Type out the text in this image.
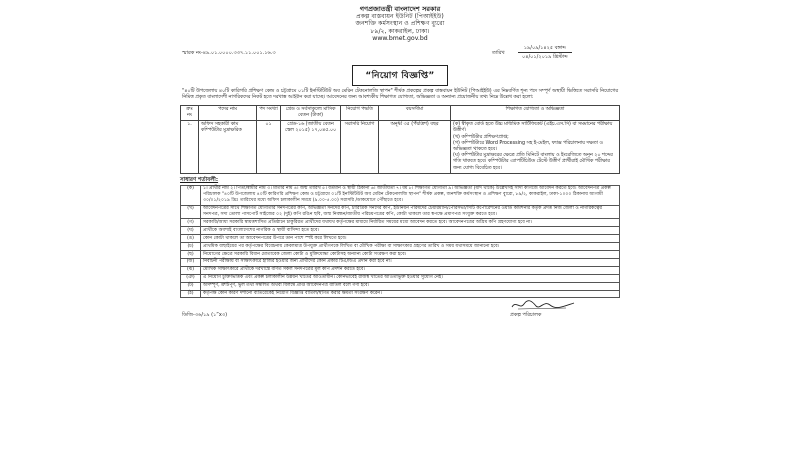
গণপ্রজাতন্ত্রী বাংলাদেশ সরকার
প্রকল্প বাস্তবায়ন ইউনিট (পিআইইউ)
জনশক্তি কর্মসংস্থান ও প্রশিক্ষণ ব্যুরো
৮৯/২, কাকরাইল, ঢাকা।
www.bmet.gov.bd
স্মারক নং-৪৯.০১.০০০০.৩৩৭.১১.০০১.১৬.৩	তারিখ
১৯/০৯/১৪২৫ বঙ্গাব্দ
০৪/০১/২০১৯ খ্রিস্টাব্দ
“নিয়োগ বিজ্ঞপ্তি”

"৪০টি উপজেলায় ৪০টি কারিগরি প্রশিক্ষণ কেন্দ্র ও চট্টগ্রামে ০১টি ইনস্টিটিউট অব মেরিন টেকনোলজি স্থাপন" শীর্ষক প্রকল্পের প্রকল্প বাস্তবায়ন ইউনিট (পিআইইউ) এর নিম্নবর্ণিত শূন্য পদে সম্পূর্ণ অস্থায়ী ভিত্তিতে সরাসরি নিয়োগের নিমিত্ত প্রকৃত বাংলাদেশী নাগরিকদের নিকট হতে দরখাস্ত আহ্বান করা যাচ্ছে। আবেদনের জন্য আবশ্যকীয় শিক্ষাগত যোগ্যতা, অভিজ্ঞতা ও অন্যান্য প্রয়োজনীয় তথ্য নিম্নে উল্লেখ করা হলো:

ক্রঃ নং	পদের নাম	পদ সংখ্যা	গ্রেড ও সর্বসাকুল্যে মাসিক বেতন (টাকা)	নিয়োগ পদ্ধতি	বয়সসীমা	শিক্ষাগত যোগ্যতা ও অভিজ্ঞতা
১.	অফিস সহকারী কাম কম্পিউটার মুদ্রাক্ষরিক	০১	গ্রেড-১৬ (জাতীয় বেতন স্কেল ২০১৫) ১৭,০৪৫.০০	সরাসরি নিয়োগ	অনূর্ধ্ব ৩৫ (পঁয়ত্রিশ) বছর	(ক) স্বীকৃত বোর্ড হতে উচ্চ মাধ্যমিক সার্টিফিকেট (এইচ.এস.সি) বা সমমানের পরীক্ষায় উত্তীর্ণ।
(খ) কম্পিউটার প্রশিক্ষণপ্রাপ্ত;
(গ) কম্পিউটারে Word Processing সহ ই-মেইল, ফ্যাক্স পরিচালনায় দক্ষতা ও অভিজ্ঞতা থাকতে হবে।
(ঘ) কম্পিউটার মুদ্রাক্ষরের ক্ষেত্রে প্রতি মিনিটে বাংলায় ও ইংরেজিতে অনূন ২০ শব্দের গতি থাকতে হবে। কম্পিউটার এ্যাপটিচিউড টেস্টে উত্তীর্ণ প্রার্থীরাই মৌখিক পরীক্ষার জন্য যোগ্য বিবেচিত হবে।
সাধারণ শর্তাবলী:
(ক)	১। প্রার্থীর নাম ২। পিতা/স্বামীর নাম ৩। মাতার নাম ৪। জন্ম তারিখ ৫। বর্তমান ও স্থায়ী ঠিকানা ৬। জাতীয়তা ৭। ধর্ম ৮। শিক্ষাগত যোগ্যতা ৯। অভিজ্ঞতা (যদি থাকে) উল্লেখসহ সাদা কাগজে আবেদন করতে হবে। আবেদনপত্র প্রকল্প পরিচালক "৪০টি উপজেলায় ৪০টি কারিগরি প্রশিক্ষণ কেন্দ্র ও চট্টগ্রামে ০১টি ইনস্টিটিউট অব মেরিন টেকনোলজি স্থাপন" শীর্ষক প্রকল্প, জনশক্তি কর্মসংস্থান ও প্রশিক্ষণ ব্যুরো, ৮৯/২, কাকরাইল, ঢাকা-১০০০ ঠিকানায় আগামী ৩০/০১/২০১৯ খ্রিঃ তারিখের মধ্যে অফিস চলাকালীন সময়ে (৯.০০-৫.০০) সরাসরি /ডাকযোগে পৌঁছাতে হবে।
(খ)	আবেদনপত্রের সাথে শিক্ষাগত যোগ্যতার সনদপত্রের কপি, অভিজ্ঞতা সনদের কপি, চারিত্রিক সনদের কপি, ইউনিয়ন পরিষদের চেয়ারম্যান/পৌরসভা/সিটি কর্পোরেশনের ওয়ার্ড কমিশনার কর্তৃক প্রদত্ত নিজ জেলা ও নাগরিকত্বের সনদপত্র, সদ্য তোলা পাসপোর্ট সাইজের ০২ (দুই) কপি রঙিন ছবি, জন্ম নিবন্ধন/জাতীয় পরিচয়পত্রের কপি, কোটা থাকলে তার স্বপক্ষে প্রমাণপত্র সংযুক্ত করতে হবে।
(গ)	সরকারি/আধা সরকারি স্বায়ত্তশাসিত প্রতিষ্ঠানে চাকুরিরত প্রার্থীদের যথাযথ কর্তৃপক্ষের মাধ্যমে নির্ধারিত সময়ের মধ্যে আবেদন করতে হবে। আবেদনপত্রের অগ্রিম কপি গ্রহণযোগ্য হবে না।
(ঘ)	প্রার্থীকে অবশ্যই বাংলাদেশের নাগরিক ও স্থায়ী বাসিন্দা হতে হবে।
(ঙ)	কোন কোটা থাকলে তা আবেদনপত্রের উপরে ডান পাশে স্পষ্ট করে লিখতে হবে।
(চ)	প্রাথমিক বাছাইয়ের পর কর্তৃপক্ষের বিবেচনায় কেবলমাত্র উপযুক্ত প্রার্থীগণকে লিখিত বা মৌখিক পরীক্ষা বা সাক্ষাৎকার গ্রহণের তারিখ ও সময় যথাসময়ে জানানো হবে।
(ছ)	নিয়োগের ক্ষেত্রে সরকারি বিধান মোতাবেক জেলা কোটা ও মুক্তিযোদ্ধা কোটাসহ অন্যান্য কোটা সংরক্ষণ করা হবে।
(জ)	নির্বাচনী পরীক্ষায় বা সাক্ষাৎকারে হাজির হওয়ার জন্য প্রার্থীদের কোন প্রকার টিএ/ডিএ প্রদান করা হবে না।
(ঝ)	মৌখিক সাক্ষাৎকারে প্রার্থীকে দরখাস্তে বর্ণিত সকল সনদপত্রের মূল কপি প্রদর্শন করতে হবে।
(ঞ)	এ নিয়োগ চুক্তিভিত্তিক এবং প্রকল্প চলাকালীন উন্নয়ন খাতের আওতাধীন। কোনভাবেই রাজস্ব খাতের আওতাভুক্ত হওয়ার সুযোগ নেই।
(ট)	অসম্পূর্ণ, ত্রুটিপূর্ণ, ভুল তথ্য সম্বলিত অথবা বিলম্বে প্রাপ্ত আবেদনপত্র বাতিল বলে গণ্য হবে।
(ঠ)	কর্তৃপক্ষ কোন কারণ দর্শানো ব্যতিরেকেই নিয়োগ বিজ্ঞপ্তি বাতিল/স্থগিত করার ক্ষমতা সংরক্ষণ করেন।
ডিজি-৩৬/১৯ (১”x৩)	প্রকল্প পরিচালক
